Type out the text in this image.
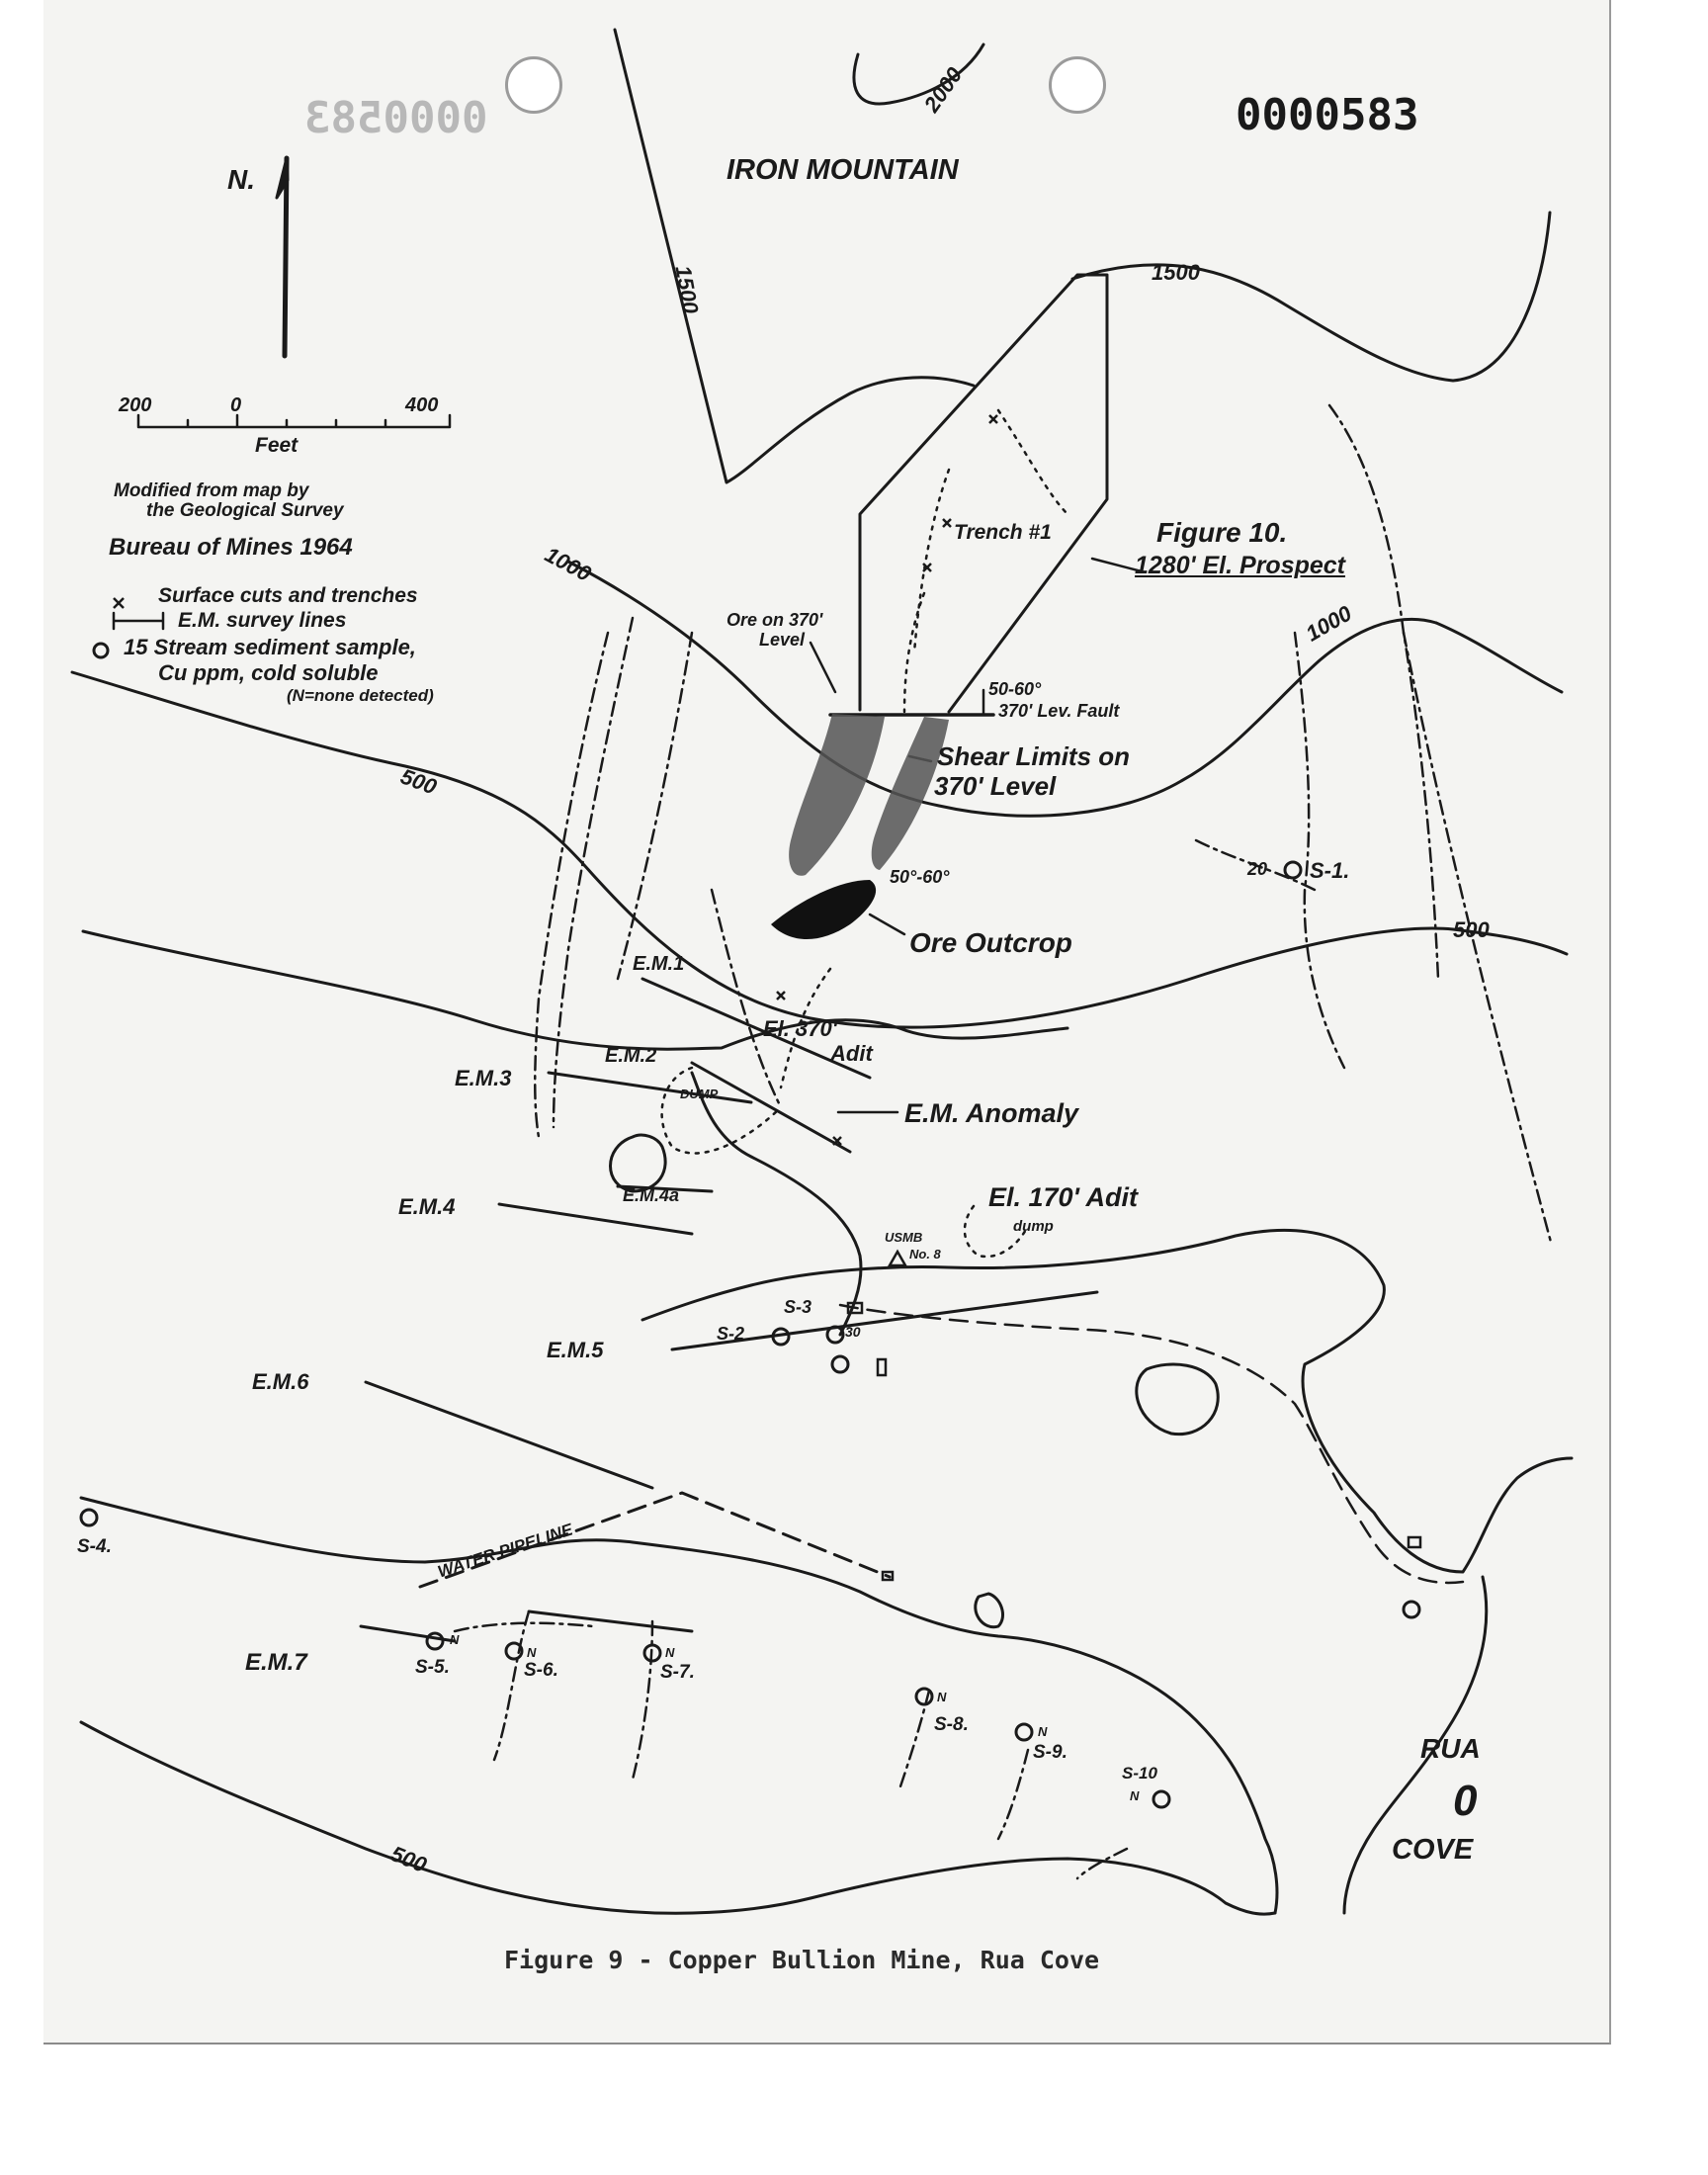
0000583
0000583
IRON MOUNTAIN
N.
200	0	400
Feet
Modified from map by
the Geological Survey
Bureau of Mines 1964
Surface cuts and trenches
E.M. survey lines
15 Stream sediment sample,
Cu ppm, cold soluble
(N=none detected)
2000
1500	1500
1000
1000
500
500
500
Trench #1	Figure 10.
1280' El. Prospect
Ore on 370'
Level
50-60°
370' Lev. Fault
Shear Limits on
370' Level
50°-60°
Ore Outcrop
El. 370'
Adit
E.M. Anomaly
DUMP
El. 170' Adit
dump
USMB
No. 8
WATER PIPELINE
RUA
0
COVE
E.M.1
E.M.2
E.M.3
E.M.4	E.M.4a
E.M.5
E.M.6
E.M.7
20 S-1.
S-2
S-3
30
S-4.
N
S-5.
N
S-6.
N
S-7.
N
S-8.	N
S-9.
S-10
N
Figure 9 - Copper Bullion Mine, Rua Cove
